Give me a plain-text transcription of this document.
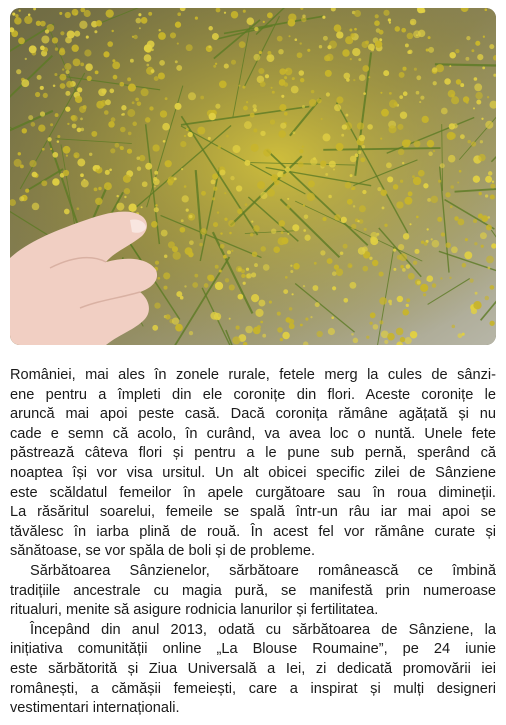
României, mai ales în zonele rurale, fetele merg la cules de sânzi-
ene pentru a împleti din ele coronițe din flori. Aceste coronițe le
aruncă mai apoi peste casă. Dacă coronița rămâne agățată și nu
cade e semn că acolo, în curând, va avea loc o nuntă. Unele fete
păstrează câteva flori și pentru a le pune sub pernă, sperând că
noaptea își vor visa ursitul. Un alt obicei specific zilei de Sânziene
este scăldatul femeilor în apele curgătoare sau în roua dimineții.
La răsăritul soarelui, femeile se spală într-un râu iar mai apoi se
tăvălesc în iarba plină de rouă. În acest fel vor rămâne curate și
sănătoase, se vor spăla de boli și de probleme.

Sărbătoarea Sânzienelor, sărbătoare românească ce îmbină
tradițiile ancestrale cu magia pură, se manifestă prin numeroase
ritualuri, menite să asigure rodnicia lanurilor și fertilitatea.

Începând din anul 2013, odată cu sărbătoarea de Sânziene, la
inițiativa comunității online „La Blouse Roumaine”, pe 24 iunie
este sărbătorită și Ziua Universală a Iei, zi dedicată promovării iei
românești, a cămășii femeiești, care a inspirat și mulți designeri
vestimentari internaționali.
